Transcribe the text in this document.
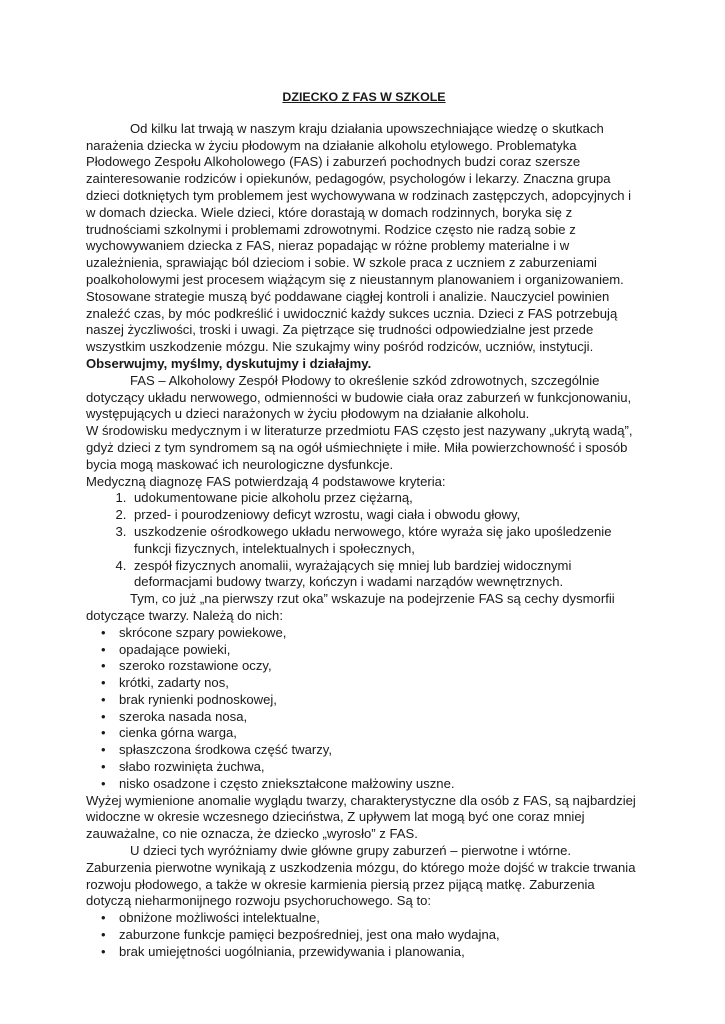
DZIECKO Z FAS W SZKOLE

Od kilku lat trwają w naszym kraju działania upowszechniające wiedzę o skutkach narażenia dziecka w życiu płodowym na działanie alkoholu etylowego. Problematyka Płodowego Zespołu Alkoholowego (FAS) i zaburzeń pochodnych budzi coraz szersze zainteresowanie rodziców i opiekunów, pedagogów, psychologów i lekarzy. Znaczna grupa dzieci dotkniętych tym problemem jest wychowywana w rodzinach zastępczych, adopcyjnych i w domach dziecka. Wiele dzieci, które dorastają w domach rodzinnych, boryka się z trudnościami szkolnymi i problemami zdrowotnymi. Rodzice często nie radzą sobie z wychowywaniem dziecka z FAS, nieraz popadając w różne problemy materialne i w uzależnienia, sprawiając ból dzieciom i sobie. W szkole praca z uczniem z zaburzeniami poalkoholowymi jest procesem wiążącym się z nieustannym planowaniem i organizowaniem. Stosowane strategie muszą być poddawane ciągłej kontroli i analizie. Nauczyciel powinien znaleźć czas, by móc podkreślić i uwidocznić każdy sukces ucznia. Dzieci z FAS potrzebują naszej życzliwości, troski i uwagi. Za piętrzące się trudności odpowiedzialne jest przede wszystkim uszkodzenie mózgu. Nie szukajmy winy pośród rodziców, uczniów, instytucji.

Obserwujmy, myślmy, dyskutujmy i działajmy.

FAS – Alkoholowy Zespół Płodowy to określenie szkód zdrowotnych, szczególnie dotyczący układu nerwowego, odmienności w budowie ciała oraz zaburzeń w funkcjonowaniu, występujących u dzieci narażonych w życiu płodowym na działanie alkoholu.

W środowisku medycznym i w literaturze przedmiotu FAS często jest nazywany „ukrytą wadą”, gdyż dzieci z tym syndromem są na ogół uśmiechnięte i miłe. Miła powierzchowność i sposób bycia mogą maskować ich neurologiczne dysfunkcje.

Medyczną diagnozę FAS potwierdzają 4 podstawowe kryteria:

1. udokumentowane picie alkoholu przez ciężarną,
2. przed- i pourodzeniowy deficyt wzrostu, wagi ciała i obwodu głowy,
3. uszkodzenie ośrodkowego układu nerwowego, które wyraża się jako upośledzenie funkcji fizycznych, intelektualnych i społecznych,
4. zespół fizycznych anomalii, wyrażających się mniej lub bardziej widocznymi deformacjami budowy twarzy, kończyn i wadami narządów wewnętrznych.

Tym, co już „na pierwszy rzut oka” wskazuje na podejrzenie FAS są cechy dysmorfii dotyczące twarzy. Należą do nich:

• skrócone szpary powiekowe,
• opadające powieki,
• szeroko rozstawione oczy,
• krótki, zadarty nos,
• brak rynienki podnoskowej,
• szeroka nasada nosa,
• cienka górna warga,
• spłaszczona środkowa część twarzy,
• słabo rozwinięta żuchwa,
• nisko osadzone i często zniekształcone małżowiny uszne.

Wyżej wymienione anomalie wyglądu twarzy, charakterystyczne dla osób z FAS, są najbardziej widoczne w okresie wczesnego dzieciństwa, Z upływem lat mogą być one coraz mniej zauważalne, co nie oznacza, że dziecko „wyrosło” z FAS.

U dzieci tych wyróżniamy dwie główne grupy zaburzeń – pierwotne i wtórne.

Zaburzenia pierwotne wynikają z uszkodzenia mózgu, do którego może dojść w trakcie trwania rozwoju płodowego, a także w okresie karmienia piersią przez pijącą matkę. Zaburzenia dotyczą nieharmonijnego rozwoju psychoruchowego. Są to:

• obniżone możliwości intelektualne,
• zaburzone funkcje pamięci bezpośredniej, jest ona mało wydajna,
• brak umiejętności uogólniania, przewidywania i planowania,
